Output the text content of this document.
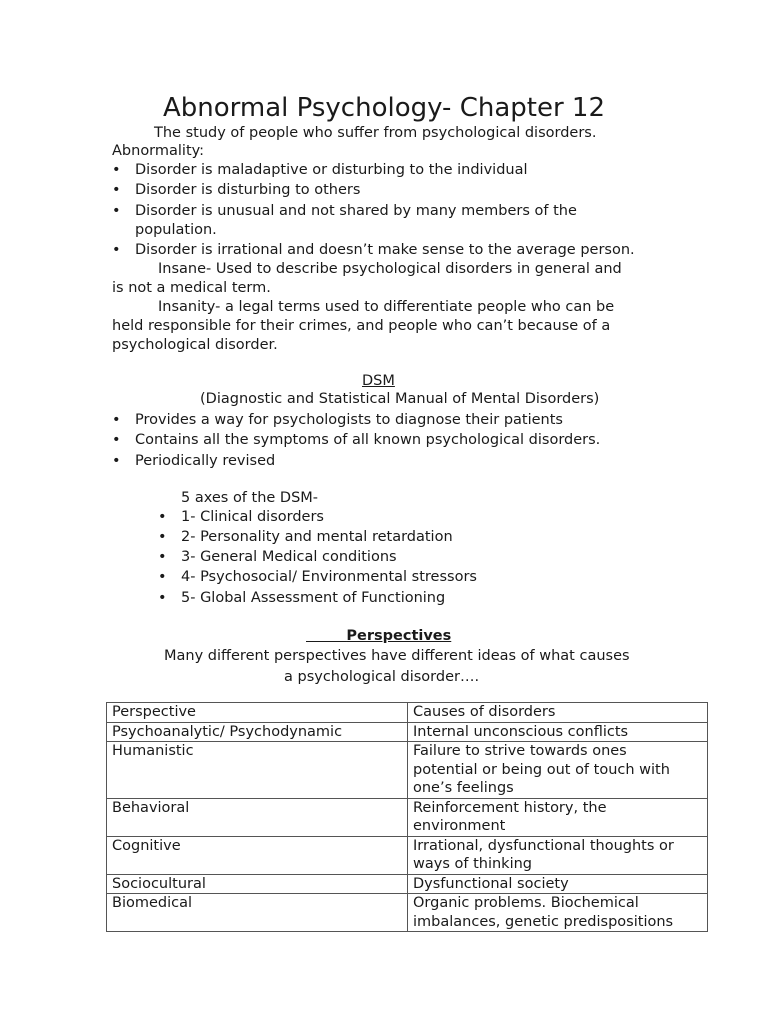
Abnormal Psychology- Chapter 12
The study of people who suffer from psychological disorders.
Abnormality:
• Disorder is maladaptive or disturbing to the individual
• Disorder is disturbing to others
• Disorder is unusual and not shared by many members of the
population.
• Disorder is irrational and doesn’t make sense to the average person.
Insane- Used to describe psychological disorders in general and
is not a medical term.
Insanity- a legal terms used to differentiate people who can be
held responsible for their crimes, and people who can’t because of a
psychological disorder.
DSM
(Diagnostic and Statistical Manual of Mental Disorders)
• Provides a way for psychologists to diagnose their patients
• Contains all the symptoms of all known psychological disorders.
• Periodically revised
5 axes of the DSM-
• 1- Clinical disorders
• 2- Personality and mental retardation
• 3- General Medical conditions
• 4- Psychosocial/ Environmental stressors
• 5- Global Assessment of Functioning
Perspectives
Many different perspectives have different ideas of what causes
a psychological disorder….
Perspective	Causes of disorders
Psychoanalytic/ Psychodynamic	Internal unconscious conflicts

Humanistic	Failure to strive towards ones
potential or being out of touch with
one’s feelings

Behavioral	Reinforcement history, the
environment

Cognitive	Irrational, dysfunctional thoughts or
ways of thinking

Sociocultural	Dysfunctional society

Biomedical	Organic problems. Biochemical
imbalances, genetic predispositions
